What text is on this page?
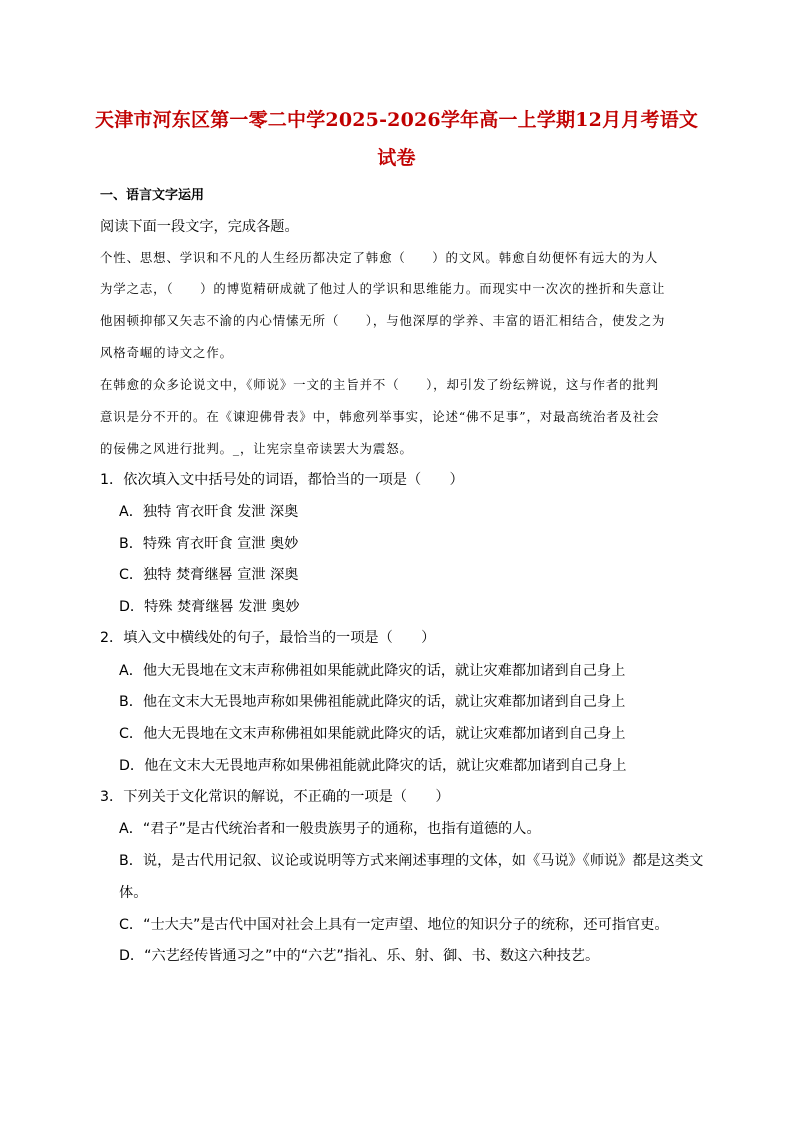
天津市河东区第一零二中学2025-2026学年高一上学期12月月考语文
试卷
一、语言文字运用
阅读下面一段文字，完成各题。
个性、思想、学识和不凡的人生经历都决定了韩愈（　　）的文风。韩愈自幼便怀有远大的为人
为学之志，（　　）的博览精研成就了他过人的学识和思维能力。而现实中一次次的挫折和失意让
他困顿抑郁又矢志不渝的内心情愫无所（　　），与他深厚的学养、丰富的语汇相结合，使发之为
风格奇崛的诗文之作。
在韩愈的众多论说文中，《师说》一文的主旨并不（　　），却引发了纷纭辨说，这与作者的批判
意识是分不开的。在《谏迎佛骨表》中，韩愈列举事实，论述“佛不足事”，对最高统治者及社会
的佞佛之风进行批判。_，让宪宗皇帝读罢大为震怒。
1．依次填入文中括号处的词语，都恰当的一项是（　　）
A．独特 宵衣旰食 发泄 深奥
B．特殊 宵衣旰食 宣泄 奥妙
C．独特 焚膏继晷 宣泄 深奥
D．特殊 焚膏继晷 发泄 奥妙
2．填入文中横线处的句子，最恰当的一项是（　　）
A．他大无畏地在文末声称佛祖如果能就此降灾的话，就让灾难都加诸到自己身上
B．他在文末大无畏地声称如果佛祖能就此降灾的话，就让灾难都加诸到自己身上
C．他大无畏地在文末声称佛祖如果能就此降灾的话，就让灾难都加诸到自己身上
D．他在文末大无畏地声称如果佛祖能就此降灾的话，就让灾难都加诸到自己身上
3．下列关于文化常识的解说，不正确的一项是（　　）
A．“君子”是古代统治者和一般贵族男子的通称，也指有道德的人。
B．说，是古代用记叙、议论或说明等方式来阐述事理的文体，如《马说》《师说》都是这类文
体。
C．“士大夫”是古代中国对社会上具有一定声望、地位的知识分子的统称，还可指官吏。
D．“六艺经传皆通习之”中的“六艺”指礼、乐、射、御、书、数这六种技艺。
